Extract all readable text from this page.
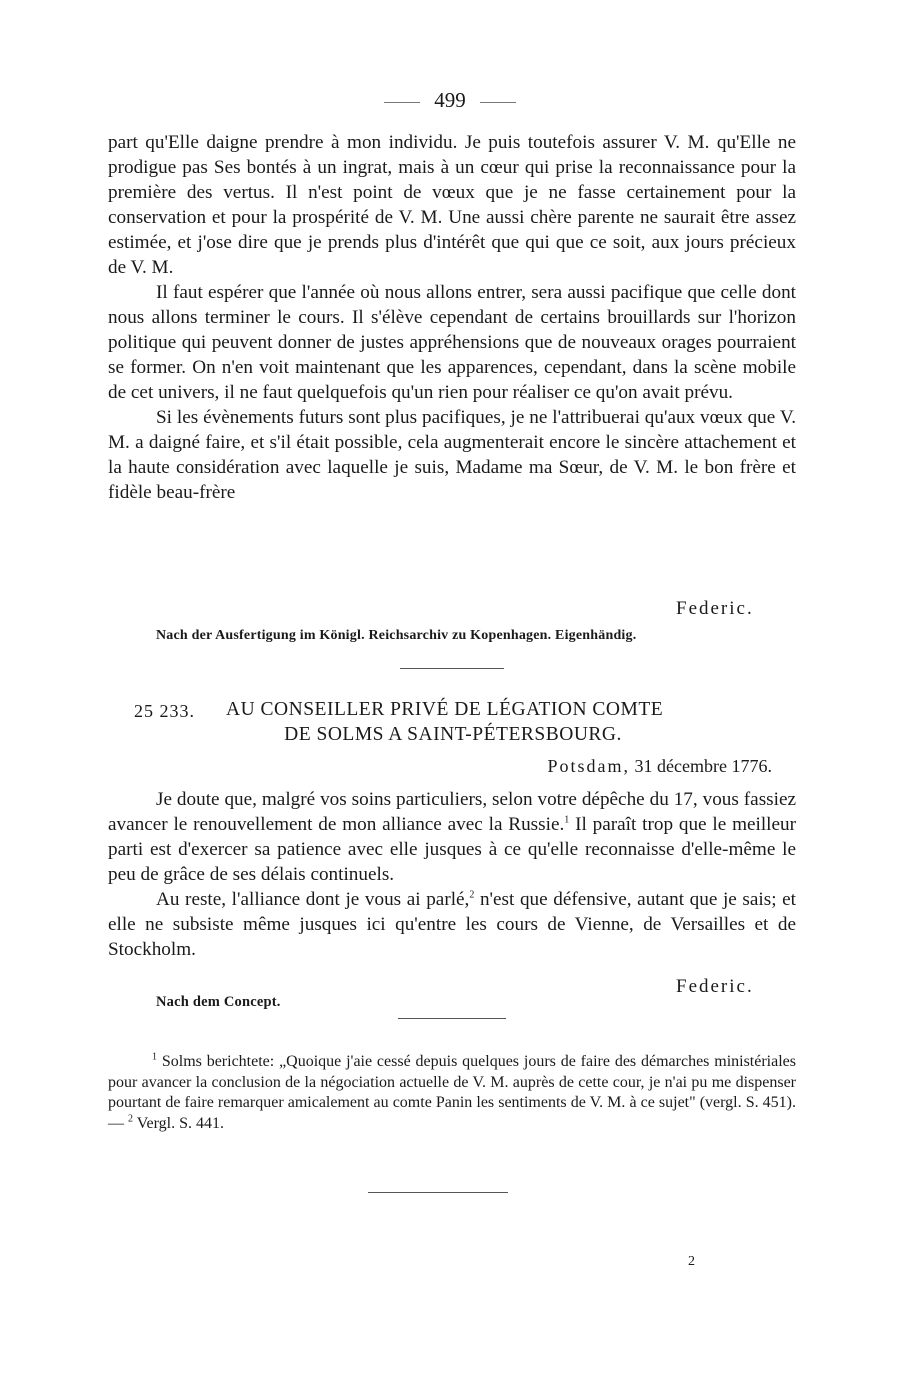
499

part qu'Elle daigne prendre à mon individu. Je puis toutefois assurer V. M. qu'Elle ne prodigue pas Ses bontés à un ingrat, mais à un cœur qui prise la reconnaissance pour la première des vertus. Il n'est point de vœux que je ne fasse certainement pour la conservation et pour la prospérité de V. M. Une aussi chère parente ne saurait être assez estimée, et j'ose dire que je prends plus d'intérêt que qui que ce soit, aux jours précieux de V. M.

Il faut espérer que l'année où nous allons entrer, sera aussi pacifique que celle dont nous allons terminer le cours. Il s'élève cependant de certains brouillards sur l'horizon politique qui peuvent donner de justes appréhensions que de nouveaux orages pourraient se former. On n'en voit maintenant que les apparences, cependant, dans la scène mobile de cet univers, il ne faut quelquefois qu'un rien pour réaliser ce qu'on avait prévu.

Si les évènements futurs sont plus pacifiques, je ne l'attribuerai qu'aux vœux que V. M. a daigné faire, et s'il était possible, cela augmenterait encore le sincère attachement et la haute considération avec laquelle je suis, Madame ma Sœur, de V. M. le bon frère et fidèle beau-frère

Federic.
Nach der Ausfertigung im Königl. Reichsarchiv zu Kopenhagen. Eigenhändig.
25 233. AU CONSEILLER PRIVÉ DE LÉGATION COMTE
DE SOLMS A SAINT-PÉTERSBOURG.
Potsdam, 31 décembre 1776.

Je doute que, malgré vos soins particuliers, selon votre dépêche du 17, vous fassiez avancer le renouvellement de mon alliance avec la Russie.$^1$ Il paraît trop que le meilleur parti est d'exercer sa patience avec elle jusques à ce qu'elle reconnaisse d'elle-même le peu de grâce de ses délais continuels.

Au reste, l'alliance dont je vous ai parlé,$^2$ n'est que défensive, autant que je sais; et elle ne subsiste même jusques ici qu'entre les cours de Vienne, de Versailles et de Stockholm.

Federic.
Nach dem Concept.

$^1$ Solms berichtete: „Quoique j'aie cessé depuis quelques jours de faire des démarches ministériales pour avancer la conclusion de la négociation actuelle de V. M. auprès de cette cour, je n'ai pu me dispenser pourtant de faire remarquer amicalement au comte Panin les sentiments de V. M. à ce sujet" (vergl. S. 451). — $^2$ Vergl. S. 441.

2
